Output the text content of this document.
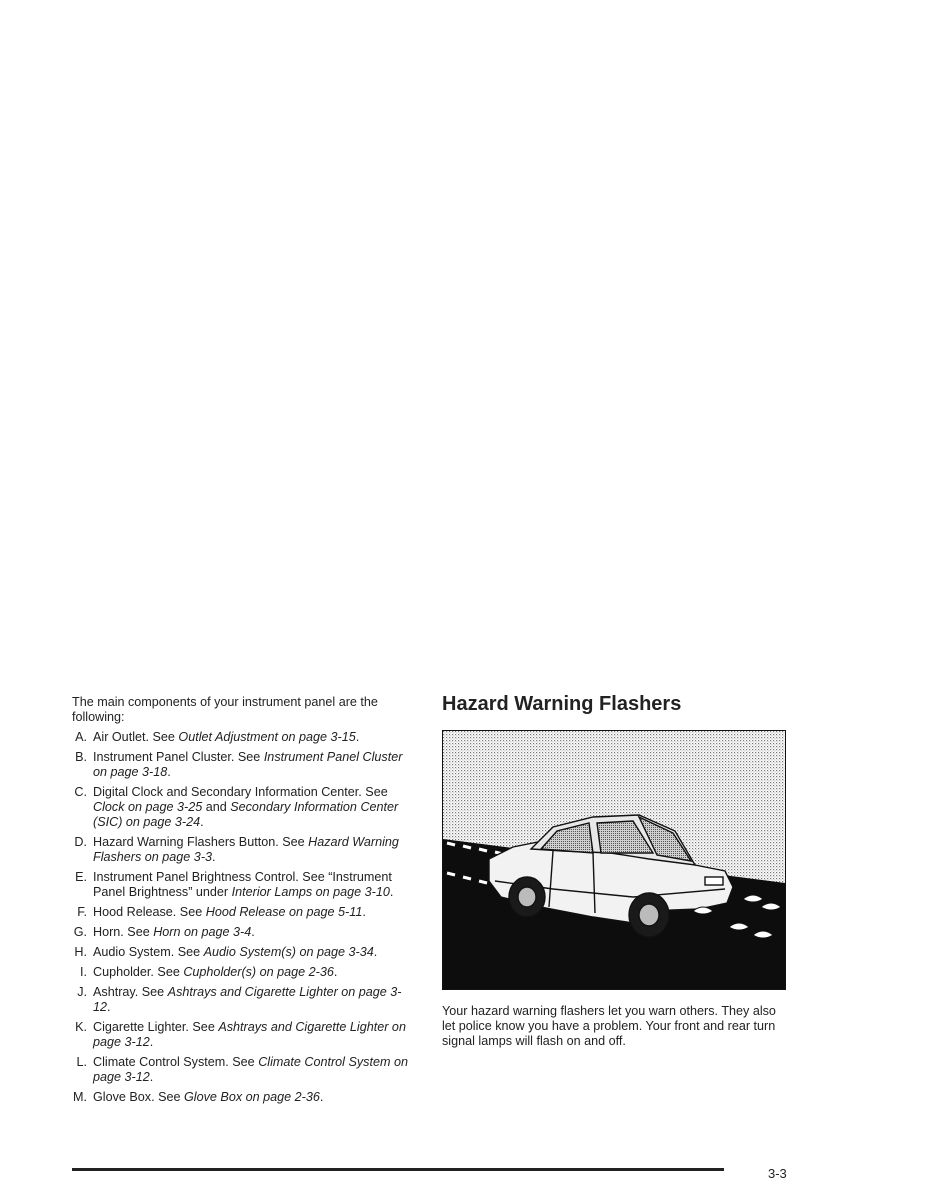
The main components of your instrument panel are the following:

A. Air Outlet. See Outlet Adjustment on page 3-15.
B. Instrument Panel Cluster. See Instrument Panel Cluster on page 3-18.
C. Digital Clock and Secondary Information Center. See Clock on page 3-25 and Secondary Information Center (SIC) on page 3-24.
D. Hazard Warning Flashers Button. See Hazard Warning Flashers on page 3-3.
E. Instrument Panel Brightness Control. See “Instrument Panel Brightness” under Interior Lamps on page 3-10.
F. Hood Release. See Hood Release on page 5-11.
G. Horn. See Horn on page 3-4.
H. Audio System. See Audio System(s) on page 3-34.
I. Cupholder. See Cupholder(s) on page 2-36.
J. Ashtray. See Ashtrays and Cigarette Lighter on page 3-12.
K. Cigarette Lighter. See Ashtrays and Cigarette Lighter on page 3-12.
L. Climate Control System. See Climate Control System on page 3-12.
M. Glove Box. See Glove Box on page 2-36.
Hazard Warning Flashers

Your hazard warning flashers let you warn others. They also let police know you have a problem. Your front and rear turn signal lamps will flash on and off.

3-3
